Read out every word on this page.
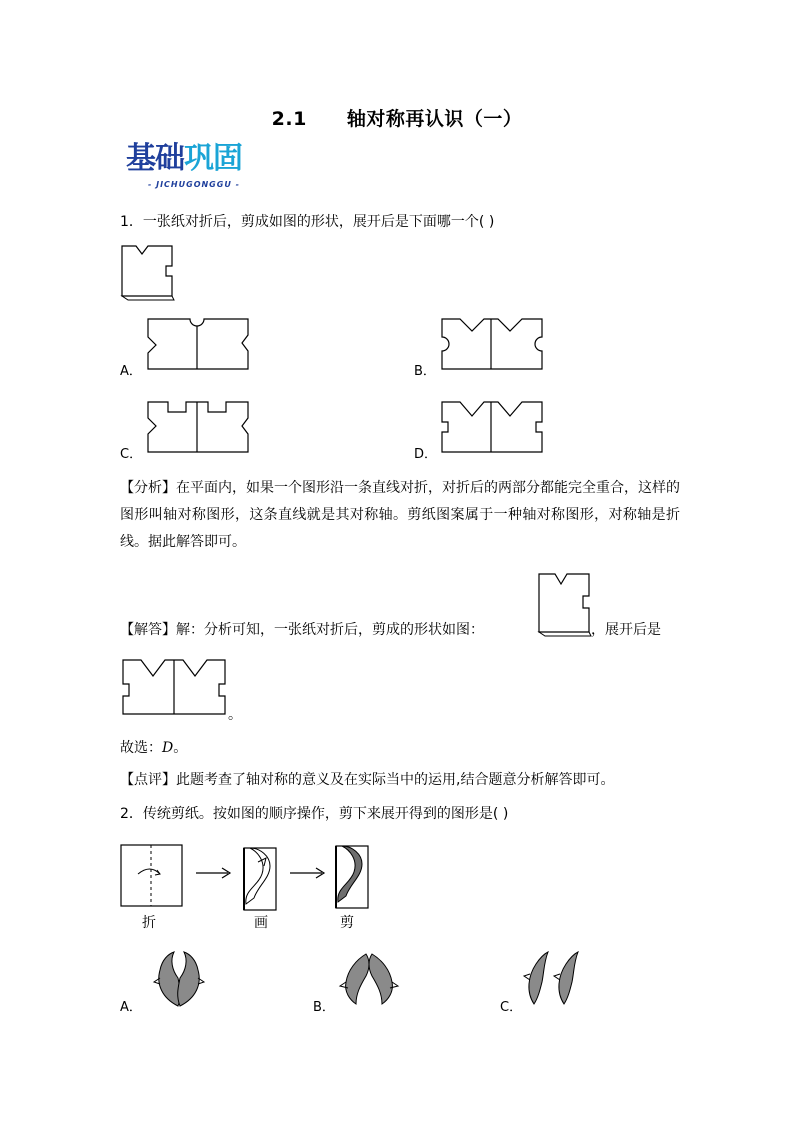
2.1 轴对称再认识（一）
基础巩固
- JICHUGONGGU -
1．一张纸对折后，剪成如图的形状，展开后是下面哪一个( )
A．	B．
C．	D．
【分析】在平面内，如果一个图形沿一条直线对折，对折后的两部分都能完全重合，这样的图形叫轴对称图形，这条直线就是其对称轴。剪纸图案属于一种轴对称图形，对称轴是折线。据此解答即可。
【解答】解：分析可知，一张纸对折后，剪成的形状如图：	，展开后是
。
故选：D。
【点评】此题考查了轴对称的意义及在实际当中的运用,结合题意分析解答即可。
2．传统剪纸。按如图的顺序操作，剪下来展开得到的图形是( )
折	画	剪
A．	B．	C．
